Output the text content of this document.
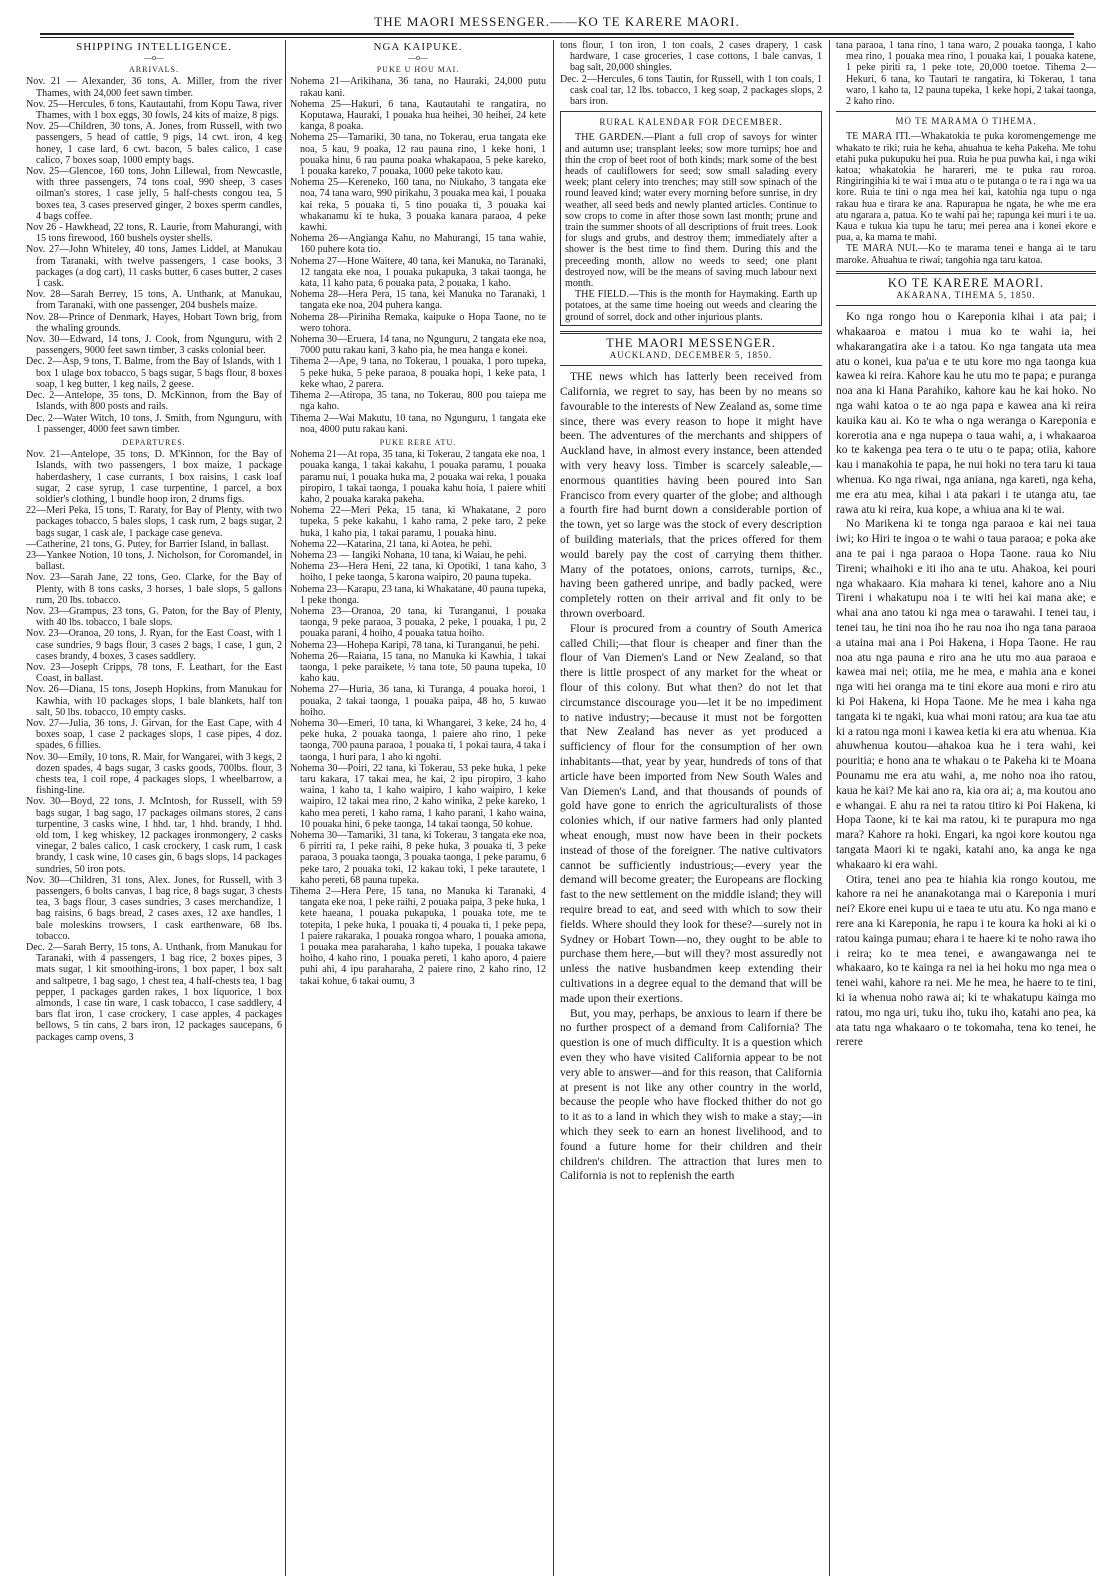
THE MAORI MESSENGER.——KO TE KARERE MAORI.
SHIPPING INTELLIGENCE.
—o—
ARRIVALS.

Nov. 21 — Alexander, 36 tons, A. Miller, from the river Thames, with 24,000 feet sawn timber.

Nov. 25—Hercules, 6 tons, Kautautahi, from Kopu Tawa, river Thames, with 1 box eggs, 30 fowls, 24 kits of maize, 8 pigs.

Nov. 25—Children, 30 tons, A. Jones, from Russell, with two passengers, 5 head of cattle, 9 pigs, 14 cwt. iron, 4 keg honey, 1 case lard, 6 cwt. bacon, 5 bales calico, 1 case calico, 7 boxes soap, 1000 empty bags.

Nov. 25—Glencoe, 160 tons, John Lillewal, from Newcastle, with three passengers, 74 tons coal, 990 sheep, 3 cases oilman's stores, 1 case jelly, 5 half-chests congou tea, 5 boxes tea, 3 cases preserved ginger, 2 boxes sperm candles, 4 bags coffee.

Nov 26 - Hawkhead, 22 tons, R. Laurie, from Mahurangi, with 15 tons firewood, 160 bushels oyster shells.

Nov. 27—John Whiteley, 40 tons, James Liddel, at Manukau from Taranaki, with twelve passengers, 1 case books, 3 packages (a dog cart), 11 casks butter, 6 cases butter, 2 cases 1 cask.

Nov. 28—Sarah Berrey, 15 tons, A. Unthank, at Manukau, from Taranaki, with one passenger, 204 bushels maize.

Nov. 28—Prince of Denmark, Hayes, Hobart Town brig, from the whaling grounds.

Nov. 30—Edward, 14 tons, J. Cook, from Ngunguru, with 2 passengers, 9000 feet sawn timber, 3 casks colonial beer.

Dec. 2—Asp, 9 tons, T. Balme, from the Bay of Islands, with 1 box 1 ulage box tobacco, 5 bags sugar, 5 bags flour, 8 boxes soap, 1 keg butter, 1 keg nails, 2 geese.

Dec. 2—Antelope, 35 tons, D. McKinnon, from the Bay of Islands, with 800 posts and rails.

Dec. 2—Water Witch, 10 tons, J. Smith, from Ngunguru, with 1 passenger, 4000 feet sawn timber.

DEPARTURES.

Nov. 21—Antelope, 35 tons, D. M'Kinnon, for the Bay of Islands, with two passengers, 1 box maize, 1 package haberdashery, 1 case currants, 1 box raisins, 1 cask loaf sugar, 2 case syrup, 1 case turpentine, 1 parcel, a box soldier's clothing, 1 bundle hoop iron, 2 drums figs.

22—Meri Peka, 15 tons, T. Raraty, for Bay of Plenty, with two packages tobacco, 5 bales slops, 1 cask rum, 2 bags sugar, 2 bags sugar, 1 cask ale, 1 package case geneva.

—Catherine, 21 tons, G. Putey, for Barrier Island, in ballast.

23—Yankee Notion, 10 tons, J. Nicholson, for Coromandel, in ballast.

Nov. 23—Sarah Jane, 22 tons, Geo. Clarke, for the Bay of Plenty, with 8 tons casks, 3 horses, 1 bale slops, 5 gallons rum, 20 lbs. tobacco.

Nov. 23—Grampus, 23 tons, G. Paton, for the Bay of Plenty, with 40 lbs. tobacco, 1 bale slops.

Nov. 23—Oranoa, 20 tons, J. Ryan, for the East Coast, with 1 case sundries, 9 bags flour, 3 cases 2 bags, 1 case, 1 gun, 2 cases brandy, 4 boxes, 3 cases saddlery.

Nov. 23—Joseph Cripps, 78 tons, F. Leathart, for the East Coast, in ballast.

Nov. 26—Diana, 15 tons, Joseph Hopkins, from Manukau for Kawhia, with 10 packages slops, 1 bale blankets, half ton salt, 50 lbs. tobacco, 10 empty casks.

Nov. 27—Julia, 36 tons, J. Girvan, for the East Cape, with 4 boxes soap, 1 case 2 packages slops, 1 case pipes, 4 doz. spades, 6 fillies.

Nov. 30—Emily, 10 tons, R. Mair, for Wangarei, with 3 kegs, 2 dozen spades, 4 bags sugar, 3 casks goods, 700lbs. flour, 3 chests tea, 1 coil rope, 4 packages slops, 1 wheelbarrow, a fishing-line.

Nov. 30—Boyd, 22 tons, J. McIntosh, for Russell, with 59 bags sugar, 1 bag sago, 17 packages oilmans stores, 2 cans turpentine, 3 casks wine, 1 hhd. tar, 1 hhd. brandy, 1 hhd. old tom, 1 keg whiskey, 12 packages ironmongery, 2 casks vinegar, 2 bales calico, 1 cask crockery, 1 cask rum, 1 cask brandy, 1 cask wine, 10 cases gin, 6 bags slops, 14 packages sundries, 50 iron pots.

Nov. 30—Children, 31 tons, Alex. Jones, for Russell, with 3 passengers, 6 bolts canvas, 1 bag rice, 8 bags sugar, 3 chests tea, 3 bags flour, 3 cases sundries, 3 cases merchandize, 1 bag raisins, 6 bags bread, 2 cases axes, 12 axe handles, 1 bale moleskins trowsers, 1 cask earthenware, 68 lbs. tobacco.

Dec. 2—Sarah Berry, 15 tons, A. Unthank, from Manukau for Taranaki, with 4 passengers, 1 bag rice, 2 boxes pipes, 3 mats sugar, 1 kit smoothing-irons, 1 box paper, 1 box salt and saltpetre, 1 bag sago, 1 chest tea, 4 half-chests tea, 1 bag pepper, 1 packages garden rakes, 1 box liquorice, 1 box almonds, 1 case tin ware, 1 cask tobacco, 1 case saddlery, 4 bars flat iron, 1 case crockery, 1 case apples, 4 packages bellows, 5 tin cans, 2 bars iron, 12 packages saucepans, 6 packages camp ovens, 3

NGA KAIPUKE.
—o—
PUKE U HOU MAI.

Nohema 21—Arikihana, 36 tana, no Hauraki, 24,000 putu rakau kani.

Nohema 25—Hakuri, 6 tana, Kautautahi te rangatira, no Koputawa, Hauraki, 1 pouaka hua heihei, 30 heihei, 24 kete kanga, 8 poaka.

Nohema 25—Tamariki, 30 tana, no Tokerau, erua tangata eke noa, 5 kau, 9 poaka, 12 rau pauna rino, 1 keke honi, 1 pouaka hinu, 6 rau pauna poaka whakapaoa, 5 peke kareko, 1 pouaka kareko, 7 pouaka, 1000 peke takoto kau.

Nohema 25—Kereneko, 160 tana, no Niukaho, 3 tangata eke noa, 74 tana waro, 990 pirikahu, 3 pouaka mea kai, 1 pouaka kai reka, 5 pouaka ti, 5 tino pouaka ti, 3 pouaka kai whakanamu ki te huka, 3 pouaka kanara paraoa, 4 peke kawhi.

Nohema 26—Angianga Kahu, no Mahurangi, 15 tana wahie, 160 puhere kota tio.

Nohema 27—Hone Waitere, 40 tana, kei Manuka, no Taranaki, 12 tangata eke noa, 1 pouaka pukapuka, 3 takai taonga, he kata, 11 kaho pata, 6 pouaka pata, 2 pouaka, 1 kaho.

Nohema 28—Hera Pera, 15 tana, kei Manuka no Taranaki, 1 tangata eke noa, 204 puhera kanga.

Nohema 28—Piriniha Remaka, kaipuke o Hopa Taone, no te wero tohora.

Nohema 30—Eruera, 14 tana, no Ngunguru, 2 tangata eke noa, 7000 putu rakau kani, 3 kaho pia, he mea hanga e konei.

Tihema 2—Ape, 9 tana, no Tokerau, 1 pouaka, 1 poro tupeka, 5 peke huka, 5 peke paraoa, 8 pouaka hopi, 1 keke pata, 1 keke whao, 2 parera.

Tihema 2—Atiropa, 35 tana, no Tokerau, 800 pou taiepa me nga kaho.

Tihema 2—Wai Makutu, 10 tana, no Ngunguru, 1 tangata eke noa, 4000 putu rakau kani.

PUKE RERE ATU.

Nohema 21—At ropa, 35 tana, ki Tokerau, 2 tangata eke noa, 1 pouaka kanga, 1 takai kakahu, 1 pouaka paramu, 1 pouaka paramu nui, 1 pouaka huka ma, 2 pouaka wai reka, 1 pouaka piropiro, 1 takai taonga, 1 pouaka kahu hoia, 1 paiere whiti kaho, 2 pouaka karaka pakeha.

Nohema 22—Meri Peka, 15 tana, ki Whakatane, 2 poro tupeka, 5 peke kakahu, 1 kaho rama, 2 peke taro, 2 peke huka, 1 kaho pia, 1 takai paramu, 1 pouaka hinu.

Nohema 22—Katarina, 21 tana, ki Aotea, he pehi.

Nohema 23 — Iangiki Nohana, 10 tana, ki Waiau, he pehi.

Nohema 23—Hera Heni, 22 tana, ki Opotiki, 1 tana kaho, 3 hoiho, 1 peke taonga, 5 karona waipiro, 20 pauna tupeka.

Nohema 23—Karapu, 23 tana, ki Whakatane, 40 pauna tupeka, 1 peke thonga.

Nohema 23—Oranoa, 20 tana, ki Turanganui, 1 pouaka taonga, 9 peke paraoa, 3 pouaka, 2 peke, 1 pouaka, 1 pu, 2 pouaka parani, 4 hoiho, 4 pouaka tatua hoiho.

Nohema 23—Hohepa Karipi, 78 tana, ki Turanganui, he pehi.

Nohema 26—Raiana, 15 tana, no Manuka ki Kawhia, 1 takai taonga, 1 peke paraikete, ½ tana tote, 50 pauna tupeka, 10 kaho kau.

Nohema 27—Huria, 36 tana, ki Turanga, 4 pouaka horoi, 1 pouaka, 2 takai taonga, 1 pouaka paipa, 48 ho, 5 kuwao hoiho.

Nohema 30—Emeri, 10 tana, ki Whangarei, 3 keke, 24 ho, 4 peke huka, 2 pouaka taonga, 1 paiere aho rino, 1 peke taonga, 700 pauna paraoa, 1 pouaka ti, 1 pokai taura, 4 taka i taonga, 1 huri para, 1 aho ki ngohi.

Nohema 30—Poiri, 22 tana, ki Tokerau, 53 peke huka, 1 peke taru kakara, 17 takai mea, he kai, 2 ipu piropiro, 3 kaho waina, 1 kaho ta, 1 kaho waipiro, 1 kaho waipiro, 1 keke waipiro, 12 takai mea rino, 2 kaho winika, 2 peke kareko, 1 kaho mea pereti, 1 kaho rama, 1 kaho parani, 1 kaho waina, 10 pouaka hini, 6 peke taonga, 14 takai taonga, 50 kohue.

Nohema 30—Tamariki, 31 tana, ki Tokerau, 3 tangata eke noa, 6 pirriti ra, 1 peke raihi, 8 peke huka, 3 pouaka ti, 3 peke paraoa, 3 pouaka taonga, 3 pouaka taonga, 1 peke paramu, 6 peke taro, 2 pouaka toki, 12 kakau toki, 1 peke tarautete, 1 kaho pereti, 68 pauna tupeka.

Tihema 2—Hera Pere, 15 tana, no Manuka ki Taranaki, 4 tangata eke noa, 1 peke raihi, 2 pouaka paipa, 3 peke huka, 1 kete haeana, 1 pouaka pukapuka, 1 pouaka tote, me te totepita, 1 peke huka, 1 pouaka ti, 4 pouaka ti, 1 peke pepa, 1 paiere rakaraka, 1 pouaka rongoa wharo, 1 pouaka amona, 1 pouaka mea paraharaha, 1 kaho tupeka, 1 pouaka takawe hoiho, 4 kaho rino, 1 pouaka pereti, 1 kaho aporo, 4 paiere puhi ahi, 4 ipu paraharaha, 2 paiere rino, 2 kaho rino, 12 takai kohue, 6 takai oumu, 3

tons flour, 1 ton iron, 1 ton coals, 2 cases drapery, 1 cask hardware, 1 case groceries, 1 case cottons, 1 bale canvas, 1 bag salt, 20,000 shingles.

Dec. 2—Hercules, 6 tons Tautin, for Russell, with 1 ton coals, 1 cask coal tar, 12 lbs. tobacco, 1 keg soap, 2 packages slops, 2 bars iron.

RURAL KALENDAR FOR DECEMBER.

THE GARDEN.—Plant a full crop of savoys for winter and autumn use; transplant leeks; sow more turnips; hoe and thin the crop of beet root of both kinds; mark some of the best heads of cauliflowers for seed; sow small salading every week; plant celery into trenches; may still sow spinach of the round leaved kind; water every morning before sunrise, in dry weather, all seed beds and newly planted articles. Continue to sow crops to come in after those sown last month; prune and train the summer shoots of all descriptions of fruit trees. Look for slugs and grubs, and destroy them; immediately after a shower is the best time to find them. During this and the preceeding month, allow no weeds to seed; one plant destroyed now, will be the means of saving much labour next month.

THE FIELD.—This is the month for Haymaking. Earth up potatoes, at the same time hoeing out weeds and clearing the ground of sorrel, dock and other injurious plants.

THE MAORI MESSENGER.
AUCKLAND, DECEMBER 5, 1850.

THE news which has latterly been received from California, we regret to say, has been by no means so favourable to the interests of New Zealand as, some time since, there was every reason to hope it might have been. The adventures of the merchants and shippers of Auckland have, in almost every instance, been attended with very heavy loss. Timber is scarcely saleable,—enormous quantities having been poured into San Francisco from every quarter of the globe; and although a fourth fire had burnt down a considerable portion of the town, yet so large was the stock of every description of building materials, that the prices offered for them would barely pay the cost of carrying them thither. Many of the potatoes, onions, carrots, turnips, &c., having been gathered unripe, and badly packed, were completely rotten on their arrival and fit only to be thrown overboard.

Flour is procured from a country of South America called Chili;—that flour is cheaper and finer than the flour of Van Diemen's Land or New Zealand, so that there is little prospect of any market for the wheat or flour of this colony. But what then? do not let that circumstance discourage you—let it be no impediment to native industry;—because it must not be forgotten that New Zealand has never as yet produced a sufficiency of flour for the consumption of her own inhabitants—that, year by year, hundreds of tons of that article have been imported from New South Wales and Van Diemen's Land, and that thousands of pounds of gold have gone to enrich the agriculturalists of those colonies which, if our native farmers had only planted wheat enough, must now have been in their pockets instead of those of the foreigner. The native cultivators cannot be sufficiently industrious;—every year the demand will become greater; the Europeans are flocking fast to the new settlement on the middle island; they will require bread to eat, and seed with which to sow their fields. Where should they look for these?—surely not in Sydney or Hobart Town—no, they ought to be able to purchase them here,—but will they? most assuredly not unless the native husbandmen keep extending their cultivations in a degree equal to the demand that will be made upon their exertions.

But, you may, perhaps, be anxious to learn if there be no further prospect of a demand from California? The question is one of much difficulty. It is a question which even they who have visited California appear to be not very able to answer—and for this reason, that California at present is not like any other country in the world, because the people who have flocked thither do not go to it as to a land in which they wish to make a stay;—in which they seek to earn an honest livelihood, and to found a future home for their children and their children's children. The attraction that lures men to California is not to replenish the earth

tana paraoa, 1 tana rino, 1 tana waro, 2 pouaka taonga, 1 kaho mea rino, 1 pouaka mea rino, 1 pouaka kai, 1 pouaka katene, 1 peke piriti ra, 1 peke tote, 20,000 toetoe. Tihema 2—Hekuri, 6 tana, ko Tautari te rangatira, ki Tokerau, 1 tana waro, 1 kaho ta, 12 pauna tupeka, 1 keke hopi, 2 takai taonga, 2 kaho rino.

MO TE MARAMA O TIHEMA.

TE MARA ITI.—Whakatokia te puka koromengemenge me whakato te riki; ruia he keha, ahuahua te keha Pakeha. Me tohu etahi puka pukupuku hei pua. Ruia he pua puwha kai, i nga wiki katoa; whakatokia he harareri, me te puka rau roroa. Ringiringihia ki te wai i mua atu o te putanga o te ra i nga wa ua kore. Ruia te tini o nga mea hei kai, katohia nga tupu o nga rakau hua e tirara ke ana. Rapurapua he ngata, he whe me era atu ngarara a, patua. Ko te wahi pai he; rapunga kei muri i te ua. Kaua e tukua kia tupu he taru; mei perea ana i konei ekore e pua, a, ka mama te mahi.

TE MARA NUI.—Ko te marama tenei e hanga ai te taru maroke. Ahuahua te riwai; tangohia nga taru katoa.

KO TE KARERE MAORI.
AKARANA, TIHEMA 5, 1850.

Ko nga rongo hou o Kareponia kihai i ata pai; i whakaaroa e matou i mua ko te wahi ia, hei whakarangatira ake i a tatou. Ko nga tangata uta mea atu o konei, kua pa'ua e te utu kore mo nga taonga kua kawea ki reira. Kahore kau he utu mo te papa; e puranga noa ana ki Hana Parahiko, kahore kau he kai hoko. No nga wahi katoa o te ao nga papa e kawea ana ki reira kauika kau ai. Ko te wha o nga weranga o Kareponia e korerotia ana e nga nupepa o taua wahi, a, i whakaaroa ko te kakenga pea tera o te utu o te papa; otiia, kahore kau i manakohia te papa, he nui hoki no tera taru ki taua whenua. Ko nga riwai, nga aniana, nga kareti, nga keha, me era atu mea, kihai i ata pakari i te utanga atu, tae rawa atu ki reira, kua kope, a whiua ana ki te wai.

No Marikena ki te tonga nga paraoa e kai nei taua iwi; ko Hiri te ingoa o te wahi o taua paraoa; e poka ake ana te pai i nga paraoa o Hopa Taone. raua ko Niu Tireni; whaihoki e iti iho ana te utu. Ahakoa, kei pouri nga whakaaro. Kia mahara ki tenei, kahore ano a Niu Tireni i whakatupu noa i te witi hei kai mana ake; e whai ana ano tatou ki nga mea o tarawahi. I tenei tau, i tenei tau, he tini noa iho he rau noa iho nga tana paraoa a utaina mai ana i Poi Hakena, i Hopa Taone. He rau noa atu nga pauna e riro ana he utu mo aua paraoa e kawea mai nei; otiia, me he mea, e mahia ana e konei nga witi hei oranga ma te tini ekore aua moni e riro atu ki Poi Hakena, ki Hopa Taone. Me he mea i kaha nga tangata ki te ngaki, kua whai moni ratou; ara kua tae atu ki a ratou nga moni i kawea ketia ki era atu whenua. Kia ahuwhenua koutou—ahakoa kua he i tera wahi, kei pouritia; e hono ana te whakau o te Pakeha ki te Moana Pounamu me era atu wahi, a, me noho noa iho ratou, kaua he kai? Me kai ano ra, kia ora ai; a, ma koutou ano e whangai. E ahu ra nei ta ratou titiro ki Poi Hakena, ki Hopa Taone, ki te kai ma ratou, ki te purapura mo nga mara? Kahore ra hoki. Engari, ka ngoi kore koutou nga tangata Maori ki te ngaki, katahi ano, ka anga ke nga whakaaro ki era wahi.

Otira, tenei ano pea te hiahia kia rongo koutou, me kahore ra nei he ananakotanga mai o Kareponia i muri nei? Ekore enei kupu ui e taea te utu atu. Ko nga mano e rere ana ki Kareponia, he rapu i te koura ka hoki ai ki o ratou kainga pumau; ehara i te haere ki te noho rawa iho i reira; ko te mea tenei, e awangawanga nei te whakaaro, ko te kainga ra nei ia hei hoku mo nga mea o tenei wahi, kahore ra nei. Me he mea, he haere to te tini, ki ia whenua noho rawa ai; ki te whakatupu kainga mo ratou, mo nga uri, tuku iho, tuku iho, katahi ano pea, ka ata tatu nga whakaaro o te tokomaha, tena ko tenei, he rerere
